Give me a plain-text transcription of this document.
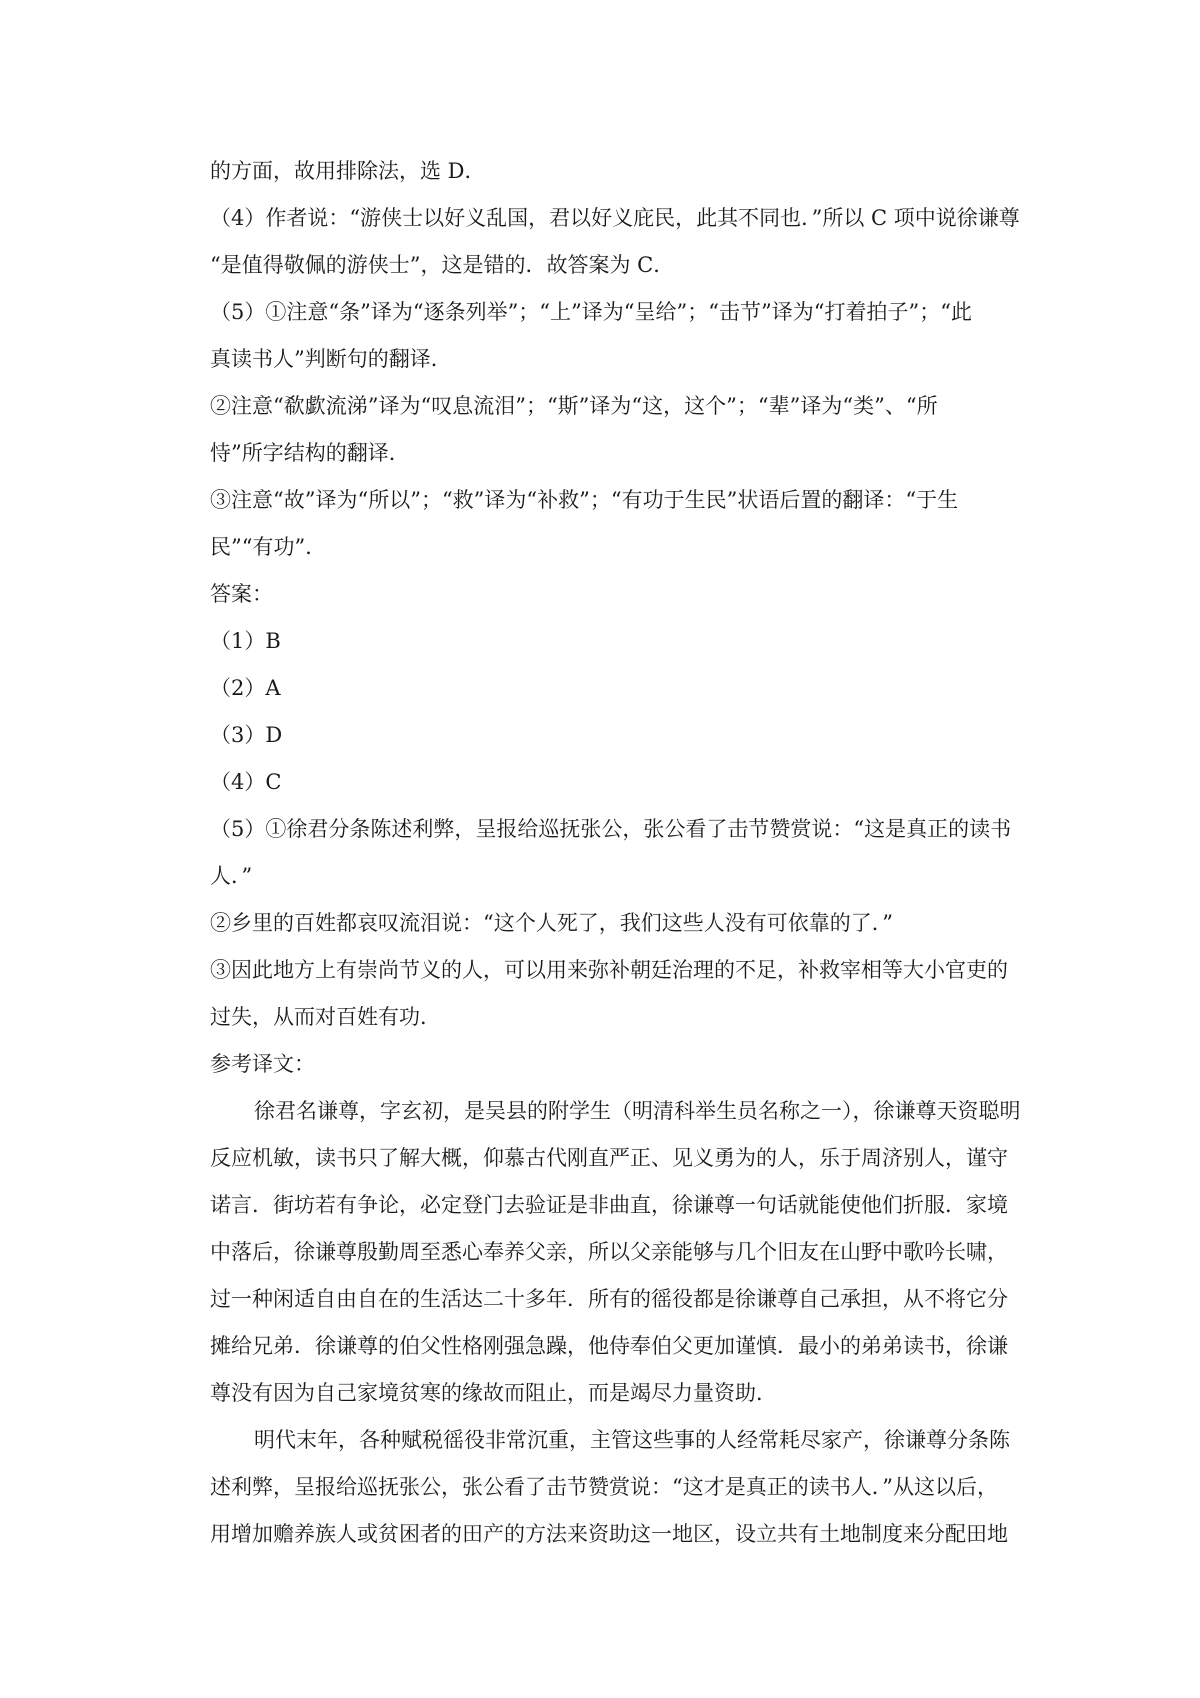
的方面，故用排除法，选 D．
（4）作者说：“游侠士以好义乱国，君以好义庇民，此其不同也．”所以 C 项中说徐谦尊
“是值得敬佩的游侠士”，这是错的．故答案为 C．
（5）①注意“条”译为“逐条列举”；“上”译为“呈给”；“击节”译为“打着拍子”；“此
真读书人”判断句的翻译．
②注意“欷歔流涕”译为“叹息流泪”；“斯”译为“这，这个”；“辈”译为“类”、“所
恃”所字结构的翻译．
③注意“故”译为“所以”；“救”译为“补救”；“有功于生民”状语后置的翻译：“于生
民”“有功”．
答案：
（1）B
（2）A
（3）D
（4）C
（5）①徐君分条陈述利弊，呈报给巡抚张公，张公看了击节赞赏说：“这是真正的读书
人．”
②乡里的百姓都哀叹流泪说：“这个人死了，我们这些人没有可依靠的了．”
③因此地方上有崇尚节义的人，可以用来弥补朝廷治理的不足，补救宰相等大小官吏的
过失，从而对百姓有功．
参考译文：
徐君名谦尊，字玄初，是吴县的附学生（明清科举生员名称之一），徐谦尊天资聪明
反应机敏，读书只了解大概，仰慕古代刚直严正、见义勇为的人，乐于周济别人，谨守
诺言．街坊若有争论，必定登门去验证是非曲直，徐谦尊一句话就能使他们折服．家境
中落后，徐谦尊殷勤周至悉心奉养父亲，所以父亲能够与几个旧友在山野中歌吟长啸，
过一种闲适自由自在的生活达二十多年．所有的徭役都是徐谦尊自己承担，从不将它分
摊给兄弟．徐谦尊的伯父性格刚强急躁，他侍奉伯父更加谨慎．最小的弟弟读书，徐谦
尊没有因为自己家境贫寒的缘故而阻止，而是竭尽力量资助．
明代末年，各种赋税徭役非常沉重，主管这些事的人经常耗尽家产，徐谦尊分条陈
述利弊，呈报给巡抚张公，张公看了击节赞赏说：“这才是真正的读书人．”从这以后，
用增加赡养族人或贫困者的田产的方法来资助这一地区，设立共有土地制度来分配田地
